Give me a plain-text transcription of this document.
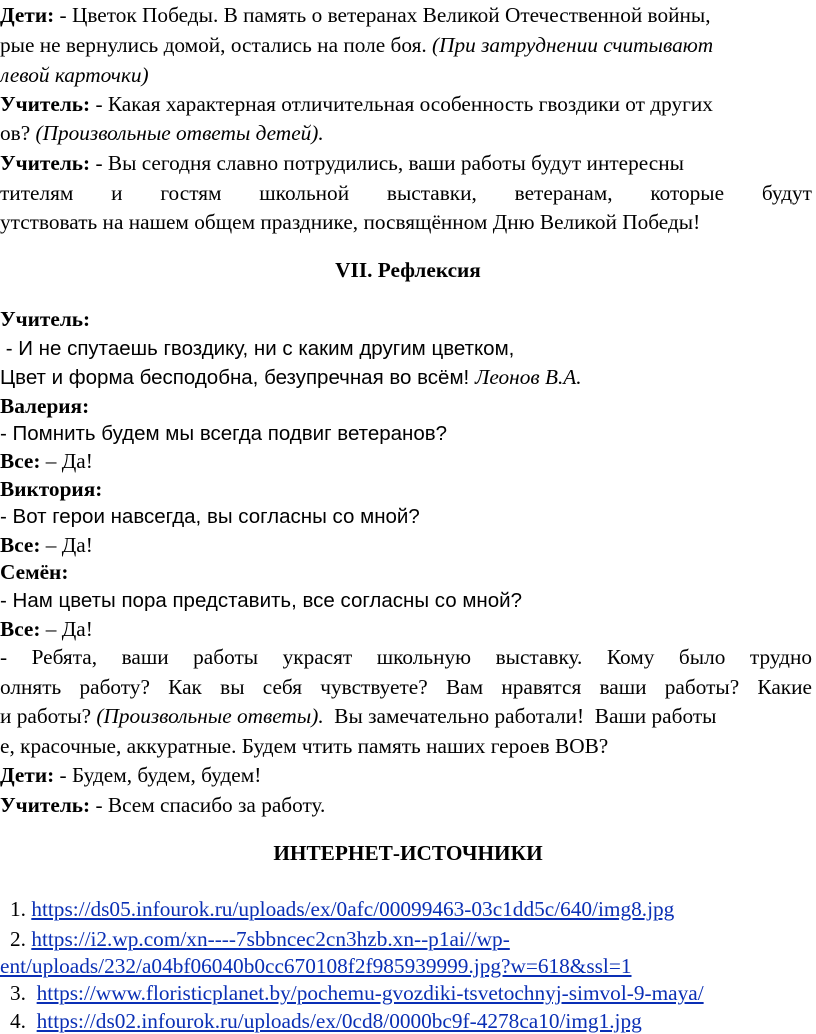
Дети: - Цветок Победы. В память о ветеранах Великой Отечественной войны,
рые не вернулись домой, остались на поле боя. (При затруднении считывают
левой карточки)
Учитель: - Какая характерная отличительная особенность гвоздики от других
ов? (Произвольные ответы детей).
Учитель: - Вы сегодня славно потрудились, ваши работы будут интересны
тителям и гостям школьной выставки, ветеранам, которые будут
утствовать на нашем общем празднике, посвящённом Дню Великой Победы!
VII. Рефлексия
Учитель:
- И не спутаешь гвоздику, ни с каким другим цветком,
Цвет и форма бесподобна, безупречная во всём! Леонов В.А.
Валерия:
- Помнить будем мы всегда подвиг ветеранов?
Все: – Да!
Виктория:
- Вот герои навсегда, вы согласны со мной?
Все: – Да!
Семён:
- Нам цветы пора представить, все согласны со мной?
Все: – Да!
- Ребята, ваши работы украсят школьную выставку. Кому было трудно
олнять работу? Как вы себя чувствуете? Вам нравятся ваши работы? Какие
и работы? (Произвольные ответы).  Вы замечательно работали!  Ваши работы
е, красочные, аккуратные. Будем чтить память наших героев ВОВ?
Дети: - Будем, будем, будем!
Учитель: - Всем спасибо за работу.
ИНТЕРНЕТ-ИСТОЧНИКИ
1. https://ds05.infourok.ru/uploads/ex/0afc/00099463-03c1dd5c/640/img8.jpg
2. https://i2.wp.com/xn----7sbbncec2cn3hzb.xn--p1ai//wp-
ent/uploads/232/a04bf06040b0cc670108f2f985939999.jpg?w=618&ssl=1
3. https://www.floristicplanet.by/pochemu-gvozdiki-tsvetochnyj-simvol-9-maya/
4. https://ds02.infourok.ru/uploads/ex/0cd8/0000bc9f-4278ca10/img1.jpg
